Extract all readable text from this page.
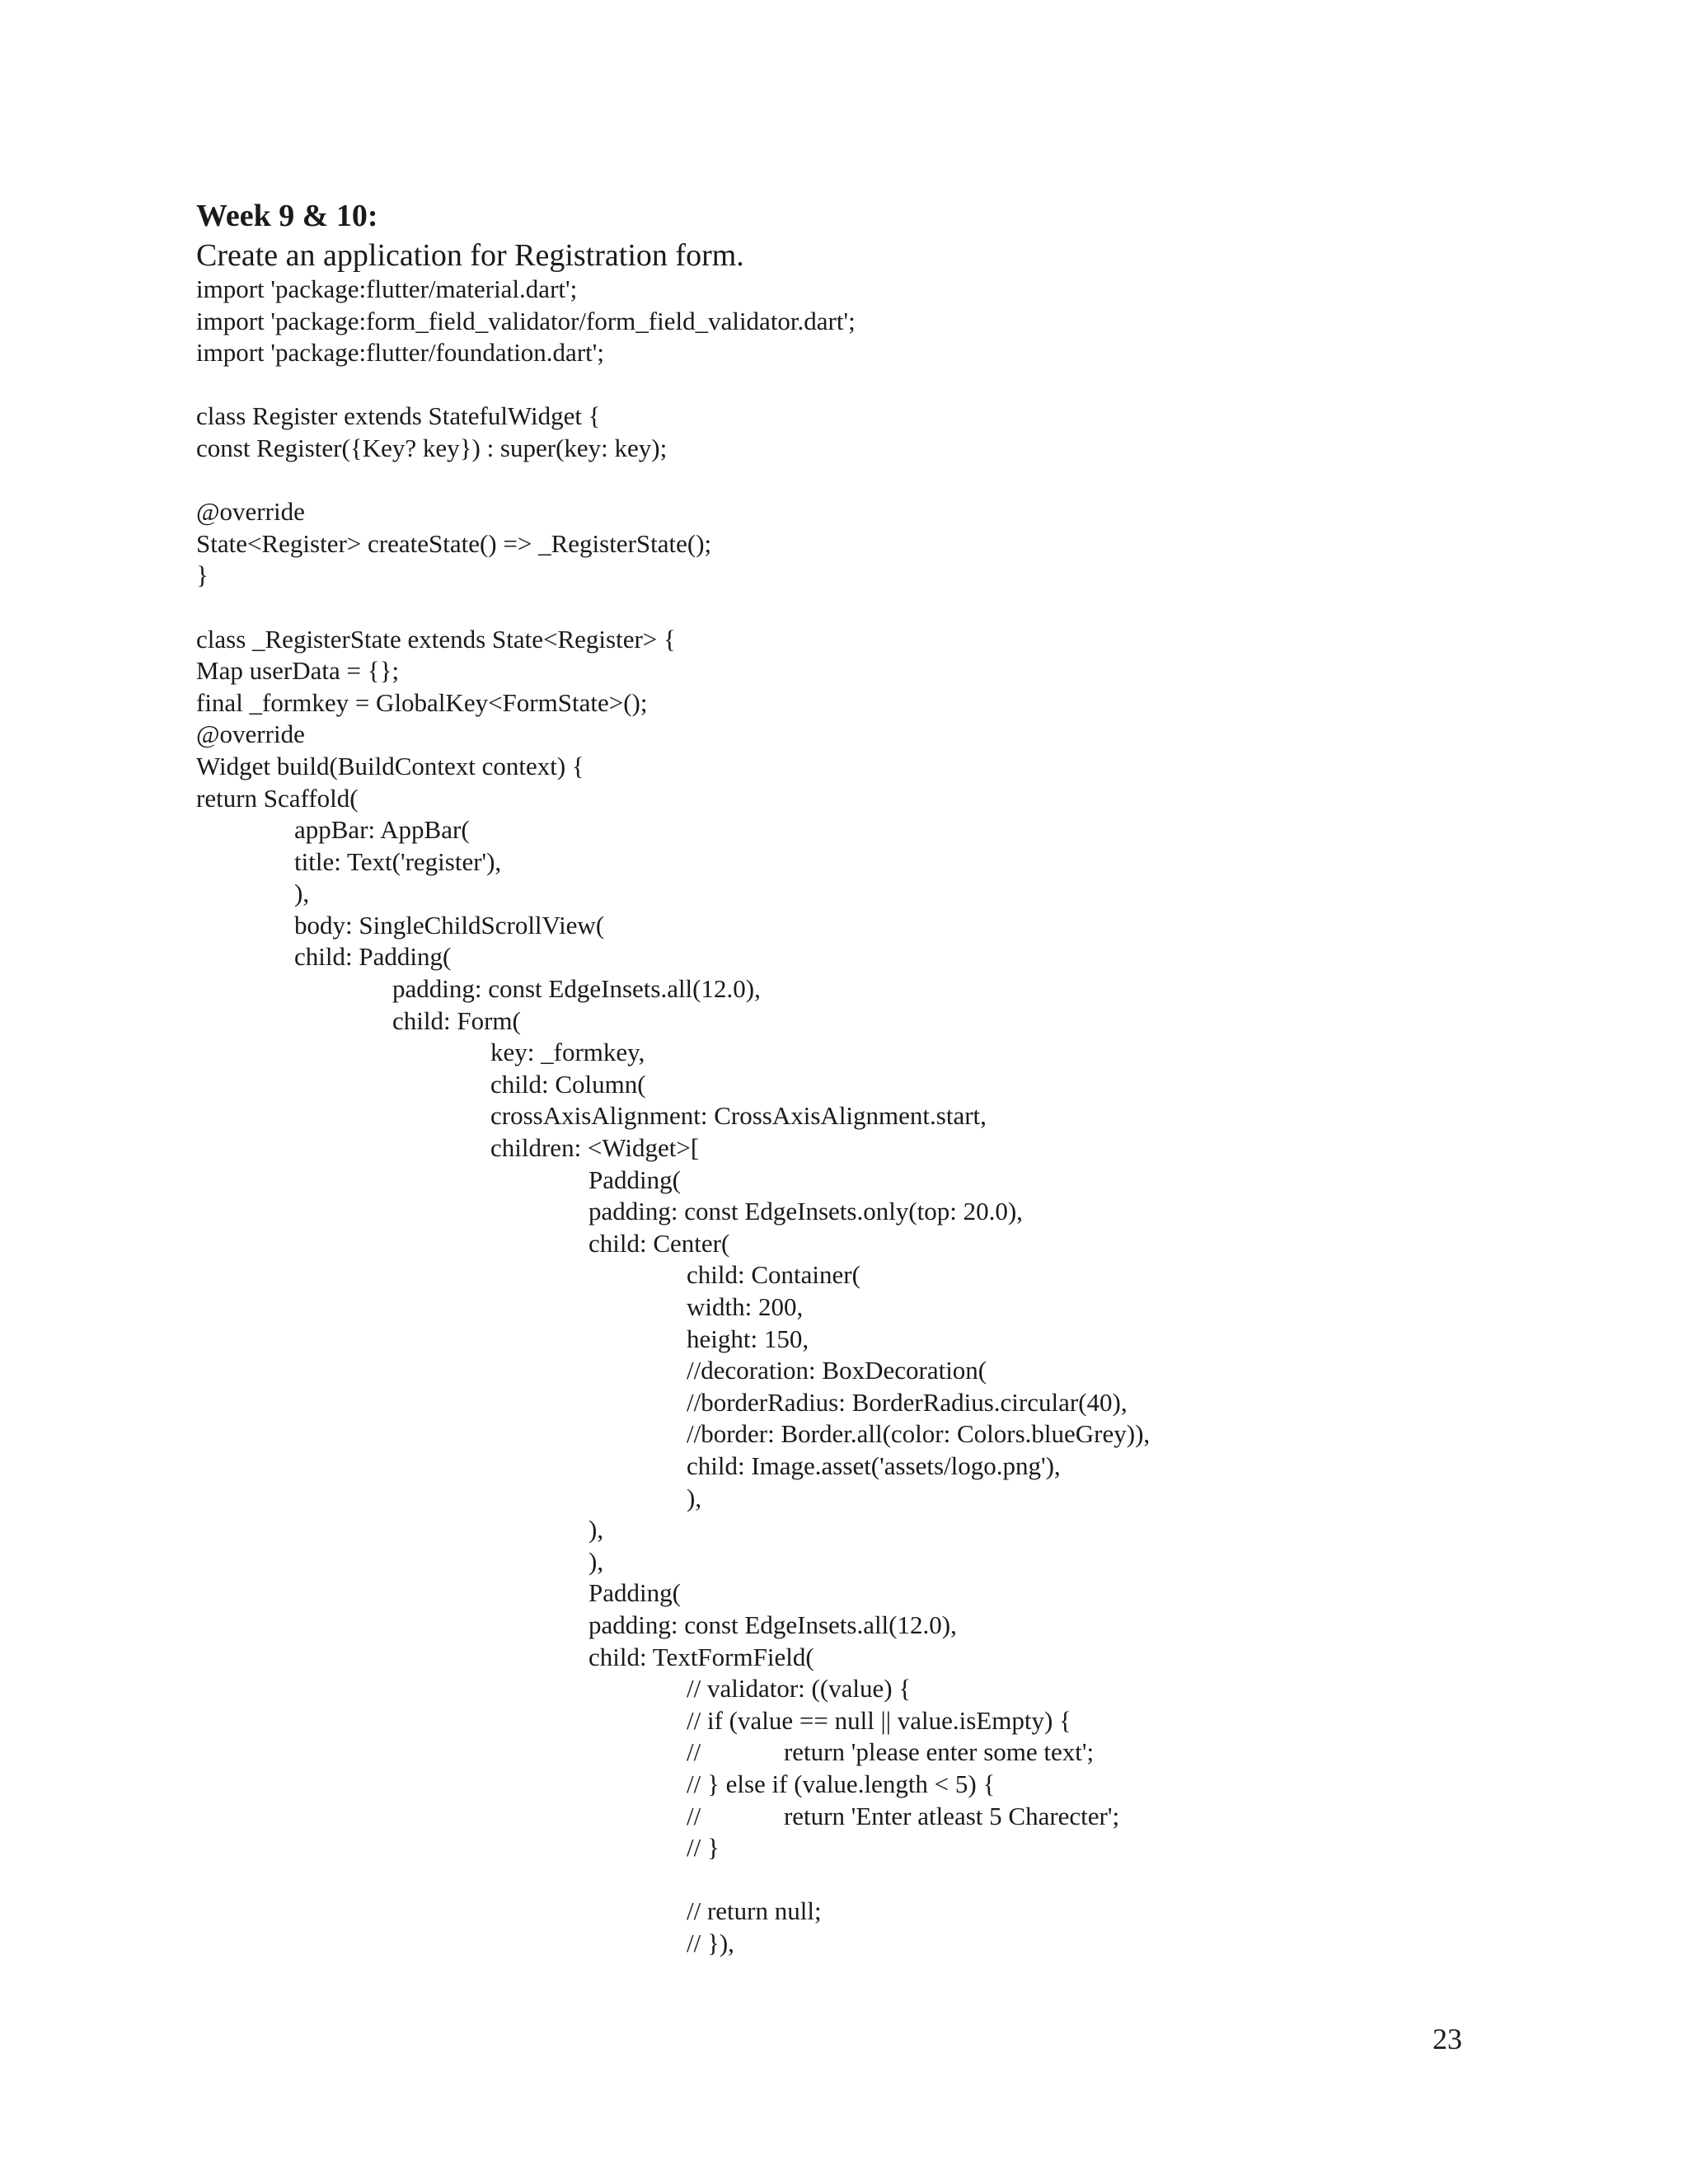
Week 9 & 10:
Create an application for Registration form.
import 'package:flutter/material.dart';
import 'package:form_field_validator/form_field_validator.dart';
import 'package:flutter/foundation.dart';
class Register extends StatefulWidget {
const Register({Key? key}) : super(key: key);
@override
State<Register> createState() => _RegisterState();
}
class _RegisterState extends State<Register> {
Map userData = {};
final _formkey = GlobalKey<FormState>();
@override
Widget build(BuildContext context) {
return Scaffold(
appBar: AppBar(
title: Text('register'),
),
body: SingleChildScrollView(
child: Padding(
padding: const EdgeInsets.all(12.0),
child: Form(
key: _formkey,
child: Column(
crossAxisAlignment: CrossAxisAlignment.start,
children: <Widget>[
Padding(
padding: const EdgeInsets.only(top: 20.0),
child: Center(
child: Container(
width: 200,
height: 150,
//decoration: BoxDecoration(
//borderRadius: BorderRadius.circular(40),
//border: Border.all(color: Colors.blueGrey)),
child: Image.asset('assets/logo.png'),
),
),
),
Padding(
padding: const EdgeInsets.all(12.0),
child: TextFormField(
// validator: ((value) {
// if (value == null || value.isEmpty) {
//             return 'please enter some text';
// } else if (value.length < 5) {
//             return 'Enter atleast 5 Charecter';
// }
// return null;
// }),
23
